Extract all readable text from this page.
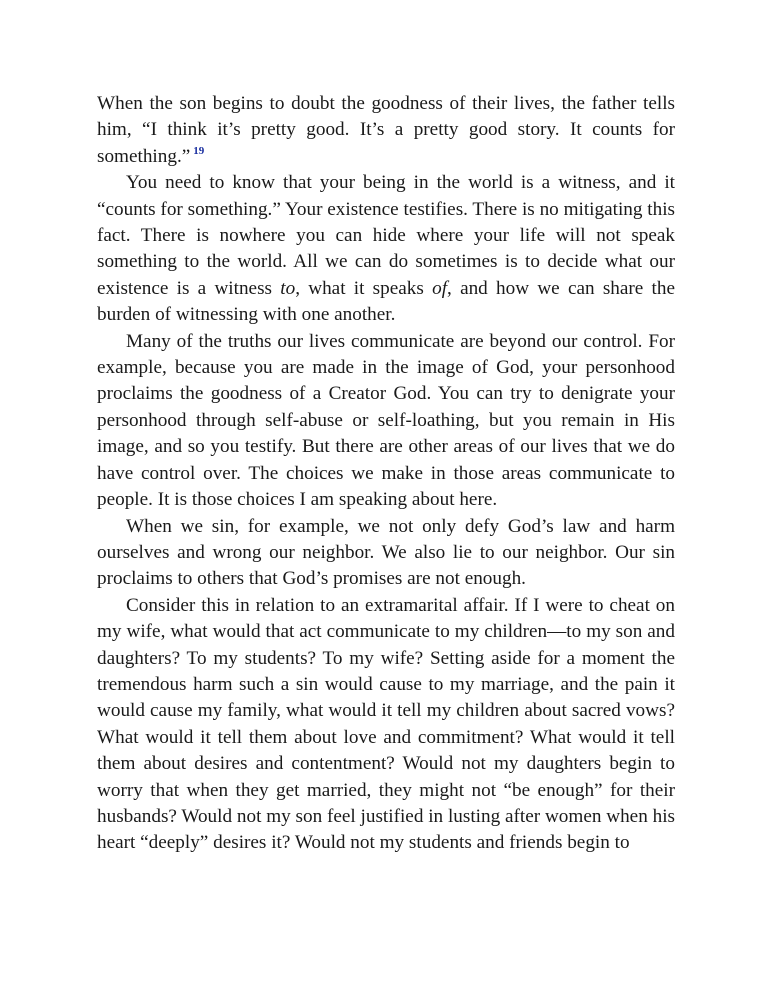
When the son begins to doubt the goodness of their lives, the father tells him, “I think it’s pretty good. It’s a pretty good story. It counts for something.” $^{19}$

You need to know that your being in the world is a witness, and it “counts for something.” Your existence testifies. There is no mitigating this fact. There is nowhere you can hide where your life will not speak something to the world. All we can do sometimes is to decide what our existence is a witness to, what it speaks of, and how we can share the burden of witnessing with one another.

Many of the truths our lives communicate are beyond our control. For example, because you are made in the image of God, your personhood proclaims the goodness of a Creator God. You can try to denigrate your personhood through self-abuse or self-loathing, but you remain in His image, and so you testify. But there are other areas of our lives that we do have control over. The choices we make in those areas communicate to people. It is those choices I am speaking about here.

When we sin, for example, we not only defy God’s law and harm ourselves and wrong our neighbor. We also lie to our neighbor. Our sin proclaims to others that God’s promises are not enough.

Consider this in relation to an extramarital affair. If I were to cheat on my wife, what would that act communicate to my children—to my son and daughters? To my students? To my wife? Setting aside for a moment the tremendous harm such a sin would cause to my marriage, and the pain it would cause my family, what would it tell my children about sacred vows? What would it tell them about love and commitment? What would it tell them about desires and contentment? Would not my daughters begin to worry that when they get married, they might not “be enough” for their husbands? Would not my son feel justified in lusting after women when his heart “deeply” desires it? Would not my students and friends begin to
